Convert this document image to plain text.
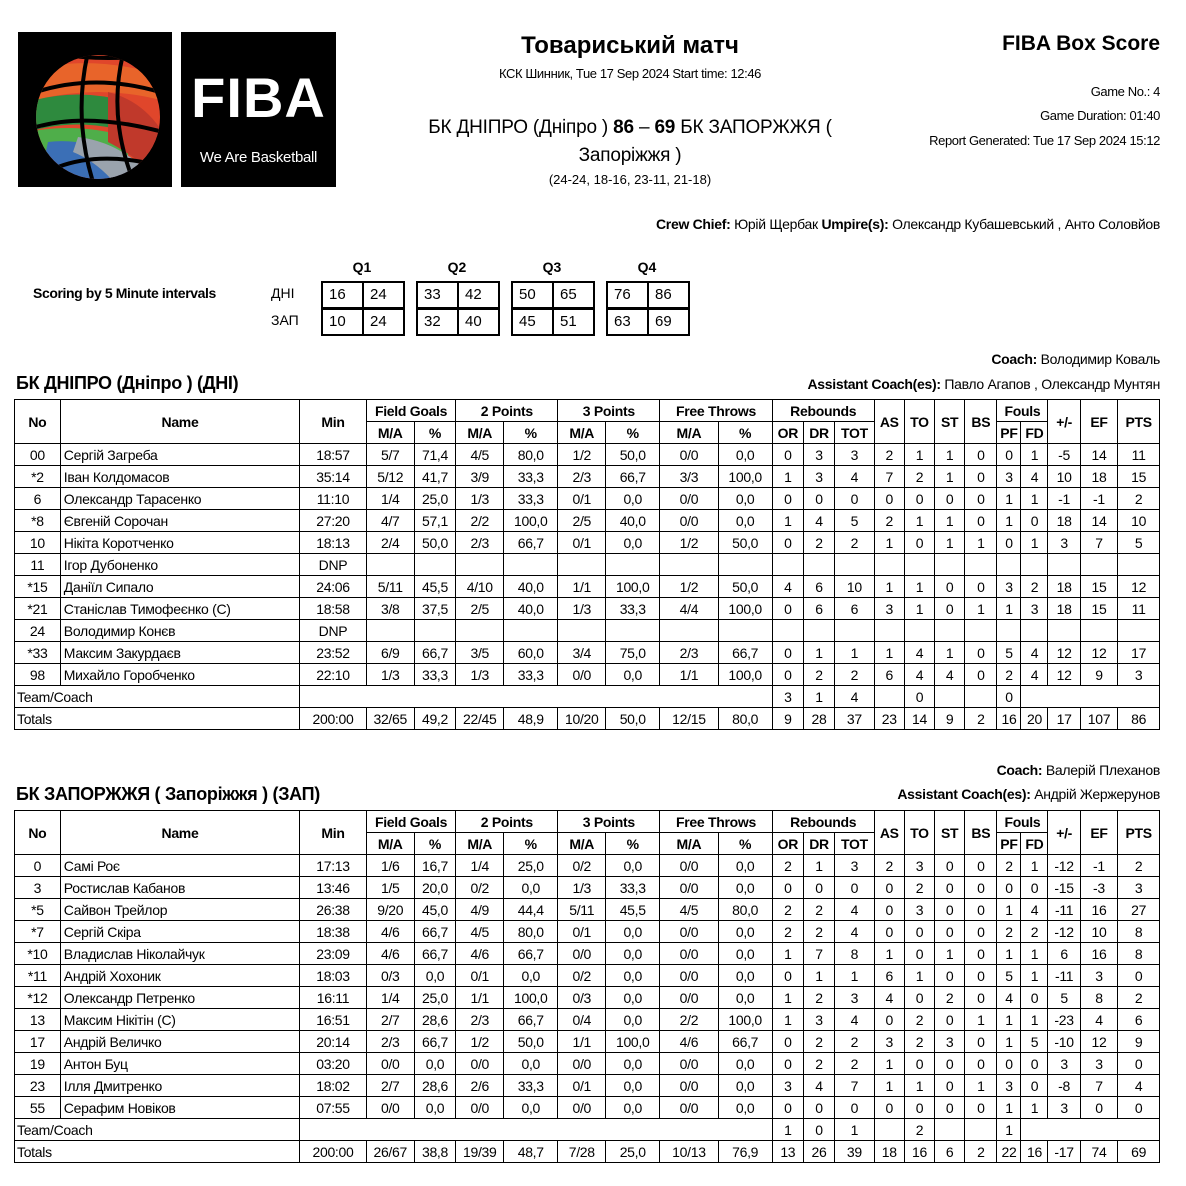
FIBA
We Are Basketball
Товариський матч
КСК Шинник, Tue 17 Sep 2024 Start time: 12:46
БК ДНІПРО (Дніпро ) 86 – 69 БК ЗАПОРЖЖЯ (
Запоріжжя )
(24-24, 18-16, 23-11, 21-18)
FIBA Box Score
Game No.: 4
Game Duration: 01:40
Report Generated: Tue 17 Sep 2024 15:12
Crew Chief: Юрій Щербак Umpire(s): Олександр Кубашевський , Анто Соловйов
Scoring by 5 Minute intervals	ДНІ
ЗАП
Q1	Q2	Q3	Q4
16	24	33	42	50	65	76	86
10	24	32	40	45	51	63	69
Coach: Володимир Коваль
БК ДНІПРО (Дніпро ) (ДНІ)	Assistant Coach(es): Павло Агапов , Олександр Мунтян
No	Name	Min	Field Goals		2 Points		3 Points		Free Throws		Rebounds			AS	TO	ST	BS	Fouls		+/-	EF	PTS
			M/A	%	M/A	%	M/A	%	M/A	%	OR	DR	TOT					PF	FD			
00	Сергій Загреба	18:57	5/7	71,4	4/5	80,0	1/2	50,0	0/0	0,0	0	3	3	2	1	1	0	0	1	-5	14	11
*2	Іван Колдомасов	35:14	5/12	41,7	3/9	33,3	2/3	66,7	3/3	100,0	1	3	4	7	2	1	0	3	4	10	18	15
6	Олександр Тарасенко	11:10	1/4	25,0	1/3	33,3	0/1	0,0	0/0	0,0	0	0	0	0	0	0	0	1	1	-1	-1	2
*8	Євгеній Сорочан	27:20	4/7	57,1	2/2	100,0	2/5	40,0	0/0	0,0	1	4	5	2	1	1	0	1	0	18	14	10
10	Нікіта Коротченко	18:13	2/4	50,0	2/3	66,7	0/1	0,0	1/2	50,0	0	2	2	1	0	1	1	0	1	3	7	5
11	Ігор Дубоненко	DNP																				
*15	Даніїл Сипало	24:06	5/11	45,5	4/10	40,0	1/1	100,0	1/2	50,0	4	6	10	1	1	0	0	3	2	18	15	12
*21	Станіслав Тимофеєнко (C)	18:58	3/8	37,5	2/5	40,0	1/3	33,3	4/4	100,0	0	6	6	3	1	0	1	1	3	18	15	11
24	Володимир Конєв	DNP																				
*33	Максим Закурдаєв	23:52	6/9	66,7	3/5	60,0	3/4	75,0	2/3	66,7	0	1	1	1	4	1	0	5	4	12	12	17
98	Михайло Горобченко	22:10	1/3	33,3	1/3	33,3	0/0	0,0	1/1	100,0	0	2	2	6	4	4	0	2	4	12	9	3
Team/Coach											3	1	4		0			0				
Totals		200:00	32/65	49,2	22/45	48,9	10/20	50,0	12/15	80,0	9	28	37	23	14	9	2	16	20	17	107	86
Coach: Валерій Плеханов
БК ЗАПОРЖЖЯ ( Запоріжжя ) (ЗАП)	Assistant Coach(es): Андрій Жержерунов
No	Name	Min	Field Goals		2 Points		3 Points		Free Throws		Rebounds			AS	TO	ST	BS	Fouls		+/-	EF	PTS
			M/A	%	M/A	%	M/A	%	M/A	%	OR	DR	TOT					PF	FD			
0	Самі Роє	17:13	1/6	16,7	1/4	25,0	0/2	0,0	0/0	0,0	2	1	3	2	3	0	0	2	1	-12	-1	2
3	Ростислав Кабанов	13:46	1/5	20,0	0/2	0,0	1/3	33,3	0/0	0,0	0	0	0	0	2	0	0	0	0	-15	-3	3
*5	Сайвон Трейлор	26:38	9/20	45,0	4/9	44,4	5/11	45,5	4/5	80,0	2	2	4	0	3	0	0	1	4	-11	16	27
*7	Сергій Скіра	18:38	4/6	66,7	4/5	80,0	0/1	0,0	0/0	0,0	2	2	4	0	0	0	0	2	2	-12	10	8
*10	Владислав Ніколайчук	23:09	4/6	66,7	4/6	66,7	0/0	0,0	0/0	0,0	1	7	8	1	0	1	0	1	1	6	16	8
*11	Андрій Хохоник	18:03	0/3	0,0	0/1	0,0	0/2	0,0	0/0	0,0	0	1	1	6	1	0	0	5	1	-11	3	0
*12	Олександр Петренко	16:11	1/4	25,0	1/1	100,0	0/3	0,0	0/0	0,0	1	2	3	4	0	2	0	4	0	5	8	2
13	Максим Нікітін (C)	16:51	2/7	28,6	2/3	66,7	0/4	0,0	2/2	100,0	1	3	4	0	2	0	1	1	1	-23	4	6
17	Андрій Величко	20:14	2/3	66,7	1/2	50,0	1/1	100,0	4/6	66,7	0	2	2	3	2	3	0	1	5	-10	12	9
19	Антон Буц	03:20	0/0	0,0	0/0	0,0	0/0	0,0	0/0	0,0	0	2	2	1	0	0	0	0	0	3	3	0
23	Ілля Дмитренко	18:02	2/7	28,6	2/6	33,3	0/1	0,0	0/0	0,0	3	4	7	1	1	0	1	3	0	-8	7	4
55	Серафим Новіков	07:55	0/0	0,0	0/0	0,0	0/0	0,0	0/0	0,0	0	0	0	0	0	0	0	1	1	3	0	0
Team/Coach											1	0	1		2			1				
Totals		200:00	26/67	38,8	19/39	48,7	7/28	25,0	10/13	76,9	13	26	39	18	16	6	2	22	16	-17	74	69
